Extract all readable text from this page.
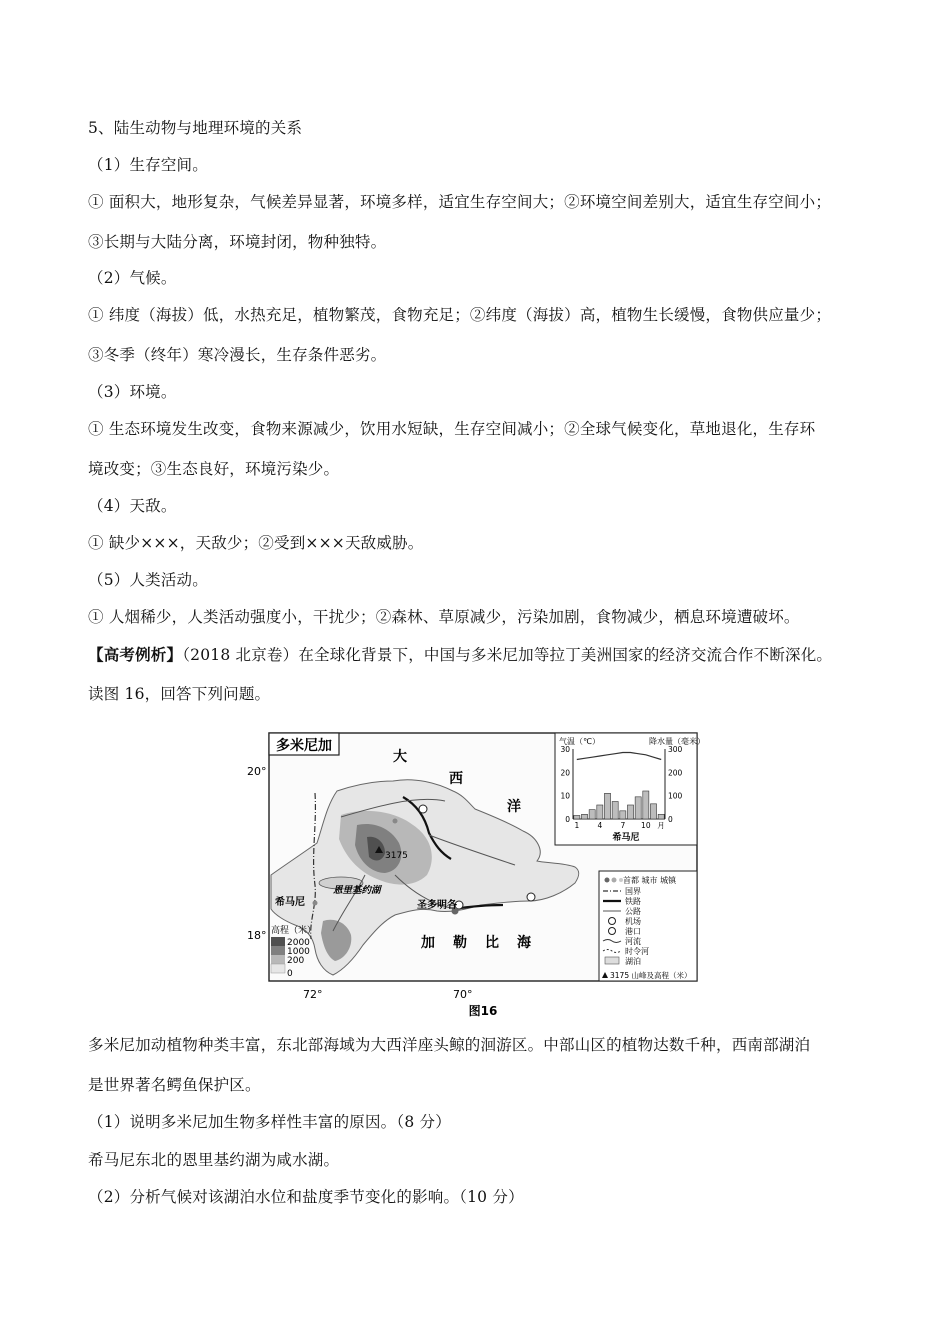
5、陆生动物与地理环境的关系
（1）生存空间。
① 面积大，地形复杂，气候差异显著，环境多样，适宜生存空间大；②环境空间差别大，适宜生存空间小；
③长期与大陆分离，环境封闭，物种独特。
（2）气候。
① 纬度（海拔）低，水热充足，植物繁茂，食物充足；②纬度（海拔）高，植物生长缓慢，食物供应量少；
③冬季（终年）寒冷漫长，生存条件恶劣。
（3）环境。
① 生态环境发生改变，食物来源减少，饮用水短缺，生存空间减小；②全球气候变化，草地退化，生存环
境改变；③生态良好，环境污染少。
（4）天敌。
① 缺少×××，天敌少；②受到×××天敌威胁。
（5）人类活动。
① 人烟稀少，人类活动强度小，干扰少；②森林、草原减少，污染加剧，食物减少，栖息环境遭破坏。
【高考例析】（2018 北京卷）在全球化背景下，中国与多米尼加等拉丁美洲国家的经济交流合作不断深化。
读图 16，回答下列问题。
多米尼加
20°
18°
72°	70°
3175
恩里基约湖
希马尼	圣多明各
大
西
洋
加 勒 比 海
高程（米）
2000
1000
200
0
首都 城市 城镇
国界
铁路
公路
机场
港口
河流
时令河
湖泊
3175 山峰及高程（米）
气温（℃）	降水量（毫米）
希马尼
0
10
20
30
0
100
200
300
1 4 7 10 月
图16
多米尼加动植物种类丰富，东北部海域为大西洋座头鲸的洄游区。中部山区的植物达数千种，西南部湖泊
是世界著名鳄鱼保护区。
（1）说明多米尼加生物多样性丰富的原因。（8 分）
希马尼东北的恩里基约湖为咸水湖。
（2）分析气候对该湖泊水位和盐度季节变化的影响。（10 分）
